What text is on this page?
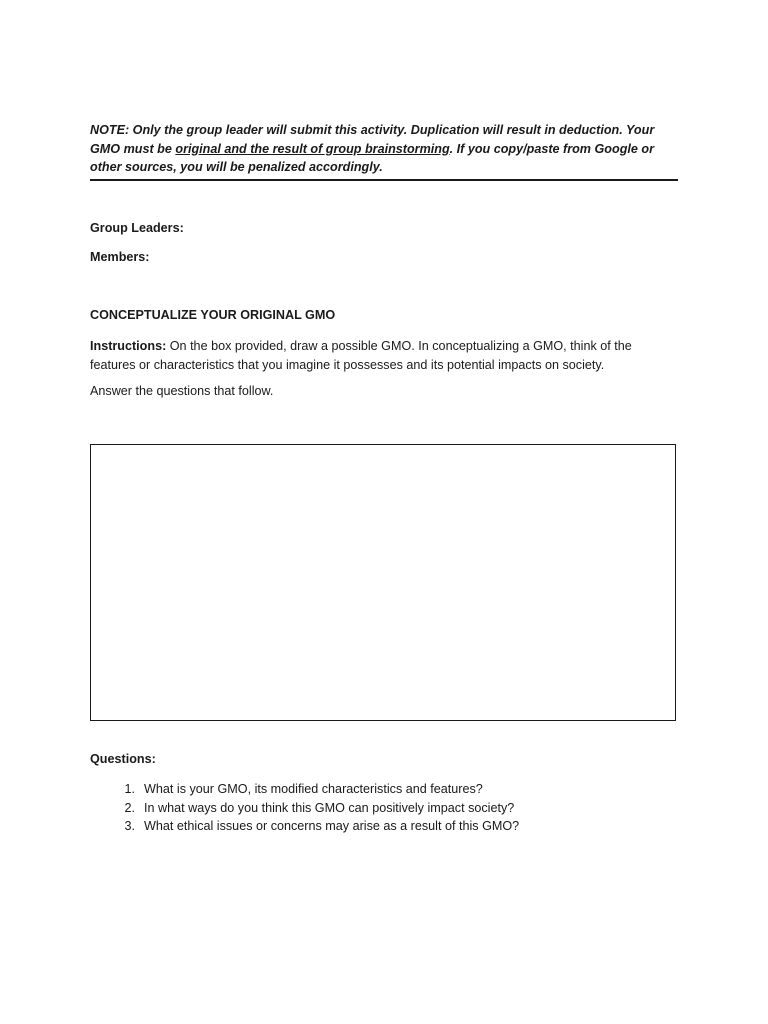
NOTE: Only the group leader will submit this activity. Duplication will result in deduction. Your GMO must be original and the result of group brainstorming. If you copy/paste from Google or other sources, you will be penalized accordingly.
Group Leaders:
Members:
CONCEPTUALIZE YOUR ORIGINAL GMO
Instructions: On the box provided, draw a possible GMO. In conceptualizing a GMO, think of the features or characteristics that you imagine it possesses and its potential impacts on society.
Answer the questions that follow.
Questions:
1. What is your GMO, its modified characteristics and features?
2. In what ways do you think this GMO can positively impact society?
3. What ethical issues or concerns may arise as a result of this GMO?
